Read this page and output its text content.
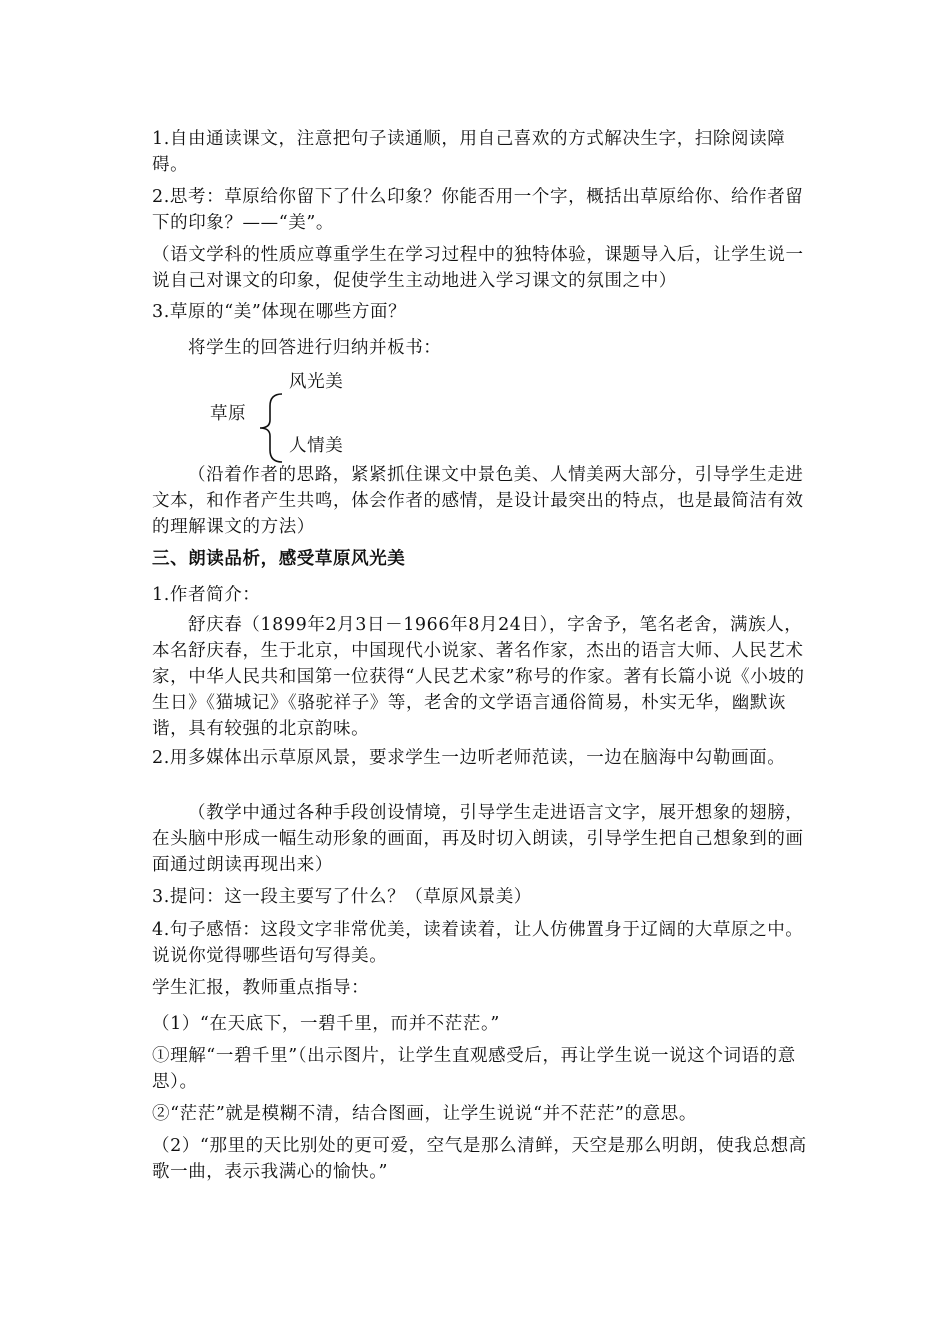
1.自由通读课文，注意把句子读通顺，用自己喜欢的方式解决生字，扫除阅读障碍。

2.思考：草原给你留下了什么印象？你能否用一个字，概括出草原给你、给作者留下的印象？——“美”。

（语文学科的性质应尊重学生在学习过程中的独特体验，课题导入后，让学生说一说自己对课文的印象，促使学生主动地进入学习课文的氛围之中）

3.草原的“美”体现在哪些方面？

将学生的回答进行归纳并板书：

草原
风光美
人情美

（沿着作者的思路，紧紧抓住课文中景色美、人情美两大部分，引导学生走进文本，和作者产生共鸣，体会作者的感情，是设计最突出的特点，也是最简洁有效的理解课文的方法）

三、朗读品析，感受草原风光美

1.作者简介：

舒庆春（1899年2月3日－1966年8月24日），字舍予，笔名老舍，满族人，本名舒庆春，生于北京，中国现代小说家、著名作家，杰出的语言大师、人民艺术家，中华人民共和国第一位获得“人民艺术家”称号的作家。著有长篇小说《小坡的生日》《猫城记》《骆驼祥子》等，老舍的文学语言通俗简易，朴实无华，幽默诙谐，具有较强的北京韵味。

2.用多媒体出示草原风景，要求学生一边听老师范读，一边在脑海中勾勒画面。

（教学中通过各种手段创设情境，引导学生走进语言文字，展开想象的翅膀，在头脑中形成一幅生动形象的画面，再及时切入朗读，引导学生把自己想象到的画面通过朗读再现出来）

3.提问：这一段主要写了什么？（草原风景美）

4.句子感悟：这段文字非常优美，读着读着，让人仿佛置身于辽阔的大草原之中。说说你觉得哪些语句写得美。

学生汇报，教师重点指导：

（1）“在天底下，一碧千里，而并不茫茫。”

①理解“一碧千里”（出示图片，让学生直观感受后，再让学生说一说这个词语的意思）。

②“茫茫”就是模糊不清，结合图画，让学生说说“并不茫茫”的意思。

（2）“那里的天比别处的更可爱，空气是那么清鲜，天空是那么明朗，使我总想高歌一曲，表示我满心的愉快。”
